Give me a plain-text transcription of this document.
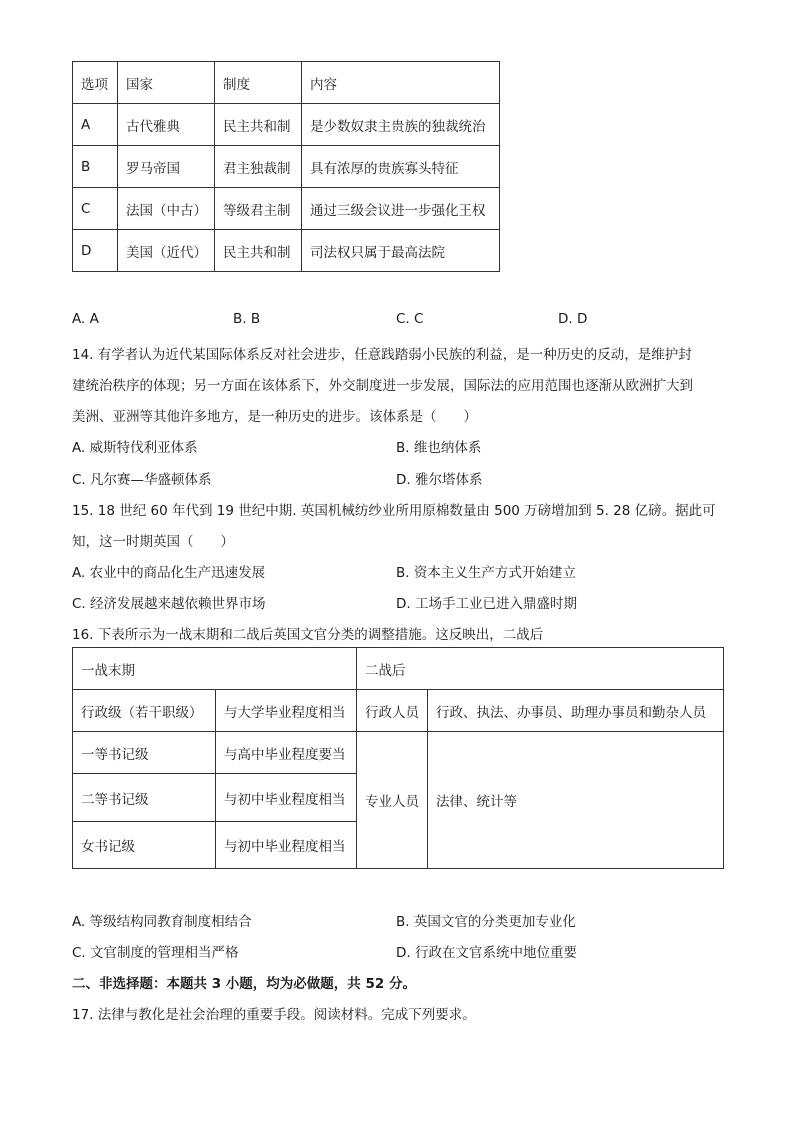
选项	国家	制度	内容
A	古代雅典	民主共和制	是少数奴隶主贵族的独裁统治
B	罗马帝国	君主独裁制	具有浓厚的贵族寡头特征
C	法国（中古）	等级君主制	通过三级会议进一步强化王权
D	美国（近代）	民主共和制	司法权只属于最高法院
A. A	B. B	C. C	D. D
14. 有学者认为近代某国际体系反对社会进步，任意践踏弱小民族的利益，是一种历史的反动，是维护封
建统治秩序的体现；另一方面在该体系下，外交制度进一步发展，国际法的应用范围也逐渐从欧洲扩大到
美洲、亚洲等其他许多地方，是一种历史的进步。该体系是（　　）
A. 威斯特伐利亚体系	B. 维也纳体系
C. 凡尔赛—华盛顿体系	D. 雅尔塔体系
15. 18 世纪 60 年代到 19 世纪中期. 英国机械纺纱业所用原棉数量由 500 万磅增加到 5. 28 亿磅。据此可
知，这一时期英国（　　）
A. 农业中的商品化生产迅速发展	B. 资本主义生产方式开始建立
C. 经济发展越来越依赖世界市场	D. 工场手工业已进入鼎盛时期
16. 下表所示为一战末期和二战后英国文官分类的调整措施。这反映出，二战后
一战末期		二战后	
行政级（若干职级）	与大学毕业程度相当	行政人员	行政、执法、办事员、助理办事员和勤杂人员
一等书记级	与高中毕业程度要当	专业人员	法律、统计等
二等书记级	与初中毕业程度相当		
女书记级	与初中毕业程度相当		
A. 等级结构同教育制度相结合	B. 英国文官的分类更加专业化
C. 文官制度的管理相当严格	D. 行政在文官系统中地位重要
二、非选择题：本题共 3 小题，均为必做题，共 52 分。
17. 法律与教化是社会治理的重要手段。阅读材料。完成下列要求。
